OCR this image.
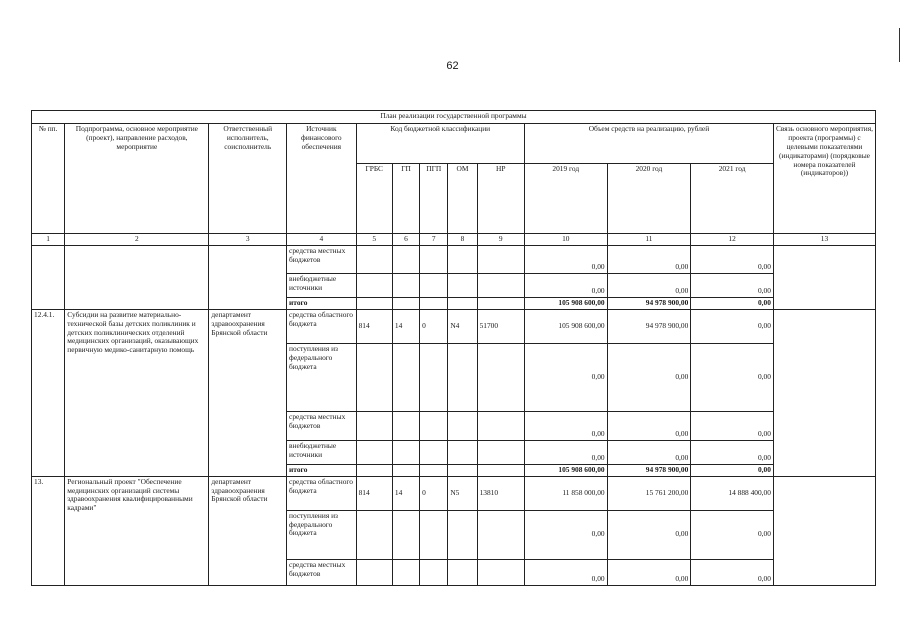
62
План реализации государственной программы												
№ пп.	Подпрограмма, основное мероприятие (проект), направление расходов, мероприятие	Ответственный исполнитель, соисполнитель	Источник финансового обеспечения	Код бюджетной классификации					Объем средств на реализацию, рублей			Связь основного мероприятия, проекта (программы) с целевыми показателями (индикаторами) (порядковые номера показателей (индикаторов))
				ГРБС	ГП	ПГП	ОМ	НР	2019 год	2020 год	2021 год	
1	2	3	4	5	6	7	8	9	10	11	12	13
			средства местных бюджетов						0,00	0,00	0,00	
			внебюджетные источники						0,00	0,00	0,00	
			итого						105 908 600,00	94 978 900,00	0,00	
12.4.1.	Субсидии на развитие материально-технической базы детских поликлиник и детских поликлинических отделений медицинских организаций, оказывающих первичную медико-санитарную помощь	департамент здравоохранения Брянской области	средства областного бюджета	814	14	0	N4	51700	105 908 600,00	94 978 900,00	0,00	
			поступления из федерального бюджета						0,00	0,00	0,00	
			средства местных бюджетов						0,00	0,00	0,00	
			внебюджетные источники						0,00	0,00	0,00	
			итого						105 908 600,00	94 978 900,00	0,00	
13.	Региональный проект "Обеспечение медицинских организаций системы здравоохранения квалифицированными кадрами"	департамент здравоохранения Брянской области	средства областного бюджета	814	14	0	N5	13810	11 858 000,00	15 761 200,00	14 888 400,00	
			поступления из федерального бюджета						0,00	0,00	0,00	
			средства местных бюджетов						0,00	0,00	0,00	
